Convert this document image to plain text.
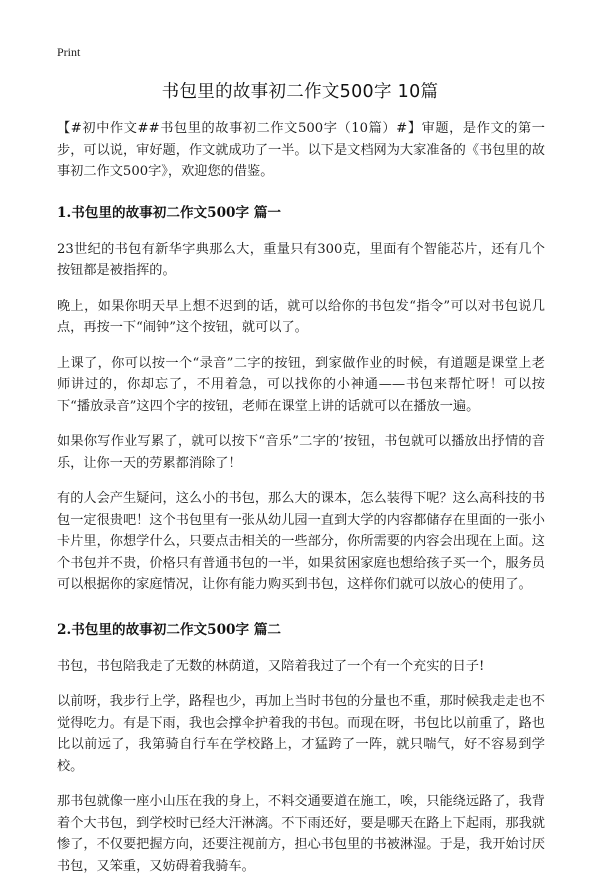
Print
书包里的故事初二作文500字 10篇

【#初中作文##书包里的故事初二作文500字（10篇）#】审题，是作文的第一步，可以说，审好题，作文就成功了一半。以下是文档网为大家准备的《书包里的故事初二作文500字》，欢迎您的借鉴。

1.书包里的故事初二作文500字 篇一

23世纪的书包有新华字典那么大，重量只有300克，里面有个智能芯片，还有几个按钮都是被指挥的。

晚上，如果你明天早上想不迟到的话，就可以给你的书包发“指令”可以对书包说几点，再按一下“闹钟”这个按钮，就可以了。

上课了，你可以按一个“录音”二字的按钮，到家做作业的时候，有道题是课堂上老师讲过的，你却忘了，不用着急，可以找你的小神通——书包来帮忙呀！可以按下“播放录音”这四个字的按钮，老师在课堂上讲的话就可以在播放一遍。

如果你写作业写累了，就可以按下“音乐”二字的’按钮，书包就可以播放出抒情的音乐，让你一天的劳累都消除了！

有的人会产生疑问，这么小的书包，那么大的课本，怎么装得下呢？这么高科技的书包一定很贵吧！这个书包里有一张从幼儿园一直到大学的内容都储存在里面的一张小卡片里，你想学什么，只要点击相关的一些部分，你所需要的内容会出现在上面。这个书包并不贵，价格只有普通书包的一半，如果贫困家庭也想给孩子买一个，服务员可以根据你的家庭情况，让你有能力购买到书包，这样你们就可以放心的使用了。

2.书包里的故事初二作文500字 篇二

书包，书包陪我走了无数的林荫道，又陪着我过了一个有一个充实的日子!

以前呀，我步行上学，路程也少，再加上当时书包的分量也不重，那时候我走走也不觉得吃力。有是下雨，我也会撑伞护着我的书包。而现在呀，书包比以前重了，路也比以前远了，我第骑自行车在学校路上，才猛跨了一阵，就只喘气，好不容易到学校。

那书包就像一座小山压在我的身上，不料交通要道在施工，唉，只能绕远路了，我背着个大书包，到学校时已经大汗淋漓。不下雨还好，要是哪天在路上下起雨，那我就惨了，不仅要把握方向，还要注视前方，担心书包里的书被淋湿。于是，我开始讨厌书包，又笨重，又妨碍着我骑车。
